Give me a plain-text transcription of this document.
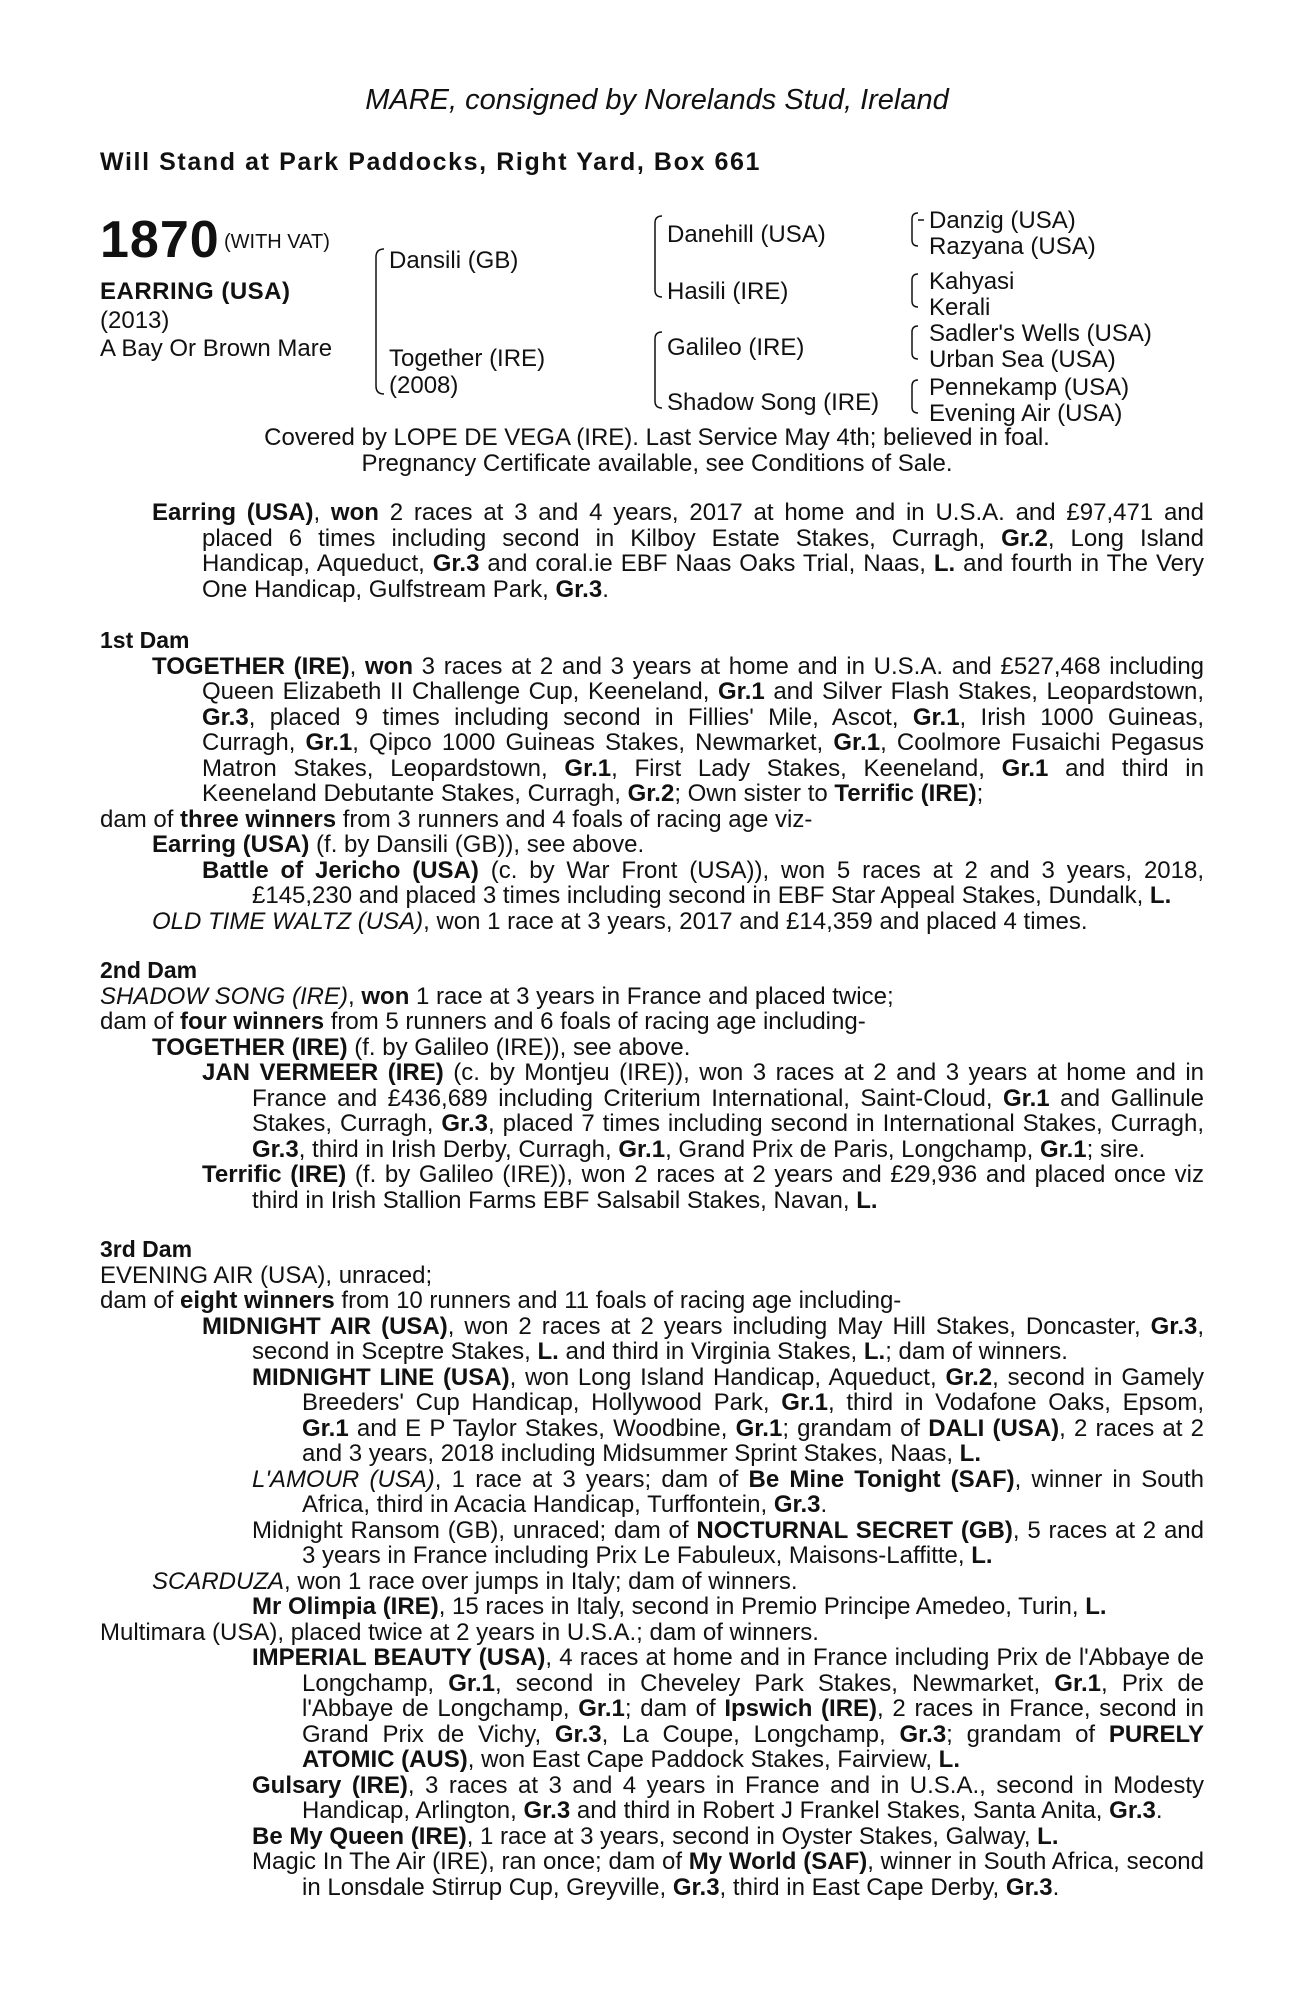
MARE, consigned by Norelands Stud, Ireland
Will Stand at Park Paddocks, Right Yard, Box 661
1870 (WITH VAT)
EARRING (USA)
(2013)
A Bay Or Brown Mare
Dansili (GB)
Together (IRE)
(2008)
Danehill (USA)
Hasili (IRE)
Galileo (IRE)
Shadow Song (IRE)
Danzig (USA)
Razyana (USA)
Kahyasi
Kerali
Sadler's Wells (USA)
Urban Sea (USA)
Pennekamp (USA)
Evening Air (USA)
Covered by LOPE DE VEGA (IRE). Last Service May 4th; believed in foal.
Pregnancy Certificate available, see Conditions of Sale.

Earring (USA), won 2 races at 3 and 4 years, 2017 at home and in U.S.A. and £97,471 and placed 6 times including second in Kilboy Estate Stakes, Curragh, Gr.2, Long Island Handicap, Aqueduct, Gr.3 and coral.ie EBF Naas Oaks Trial, Naas, L. and fourth in The Very One Handicap, Gulfstream Park, Gr.3.

1st Dam

TOGETHER (IRE), won 3 races at 2 and 3 years at home and in U.S.A. and £527,468 including Queen Elizabeth II Challenge Cup, Keeneland, Gr.1 and Silver Flash Stakes, Leopardstown, Gr.3, placed 9 times including second in Fillies' Mile, Ascot, Gr.1, Irish 1000 Guineas, Curragh, Gr.1, Qipco 1000 Guineas Stakes, Newmarket, Gr.1, Coolmore Fusaichi Pegasus Matron Stakes, Leopardstown, Gr.1, First Lady Stakes, Keeneland, Gr.1 and third in Keeneland Debutante Stakes, Curragh, Gr.2; Own sister to Terrific (IRE);

dam of three winners from 3 runners and 4 foals of racing age viz-

Earring (USA) (f. by Dansili (GB)), see above.

Battle of Jericho (USA) (c. by War Front (USA)), won 5 races at 2 and 3 years, 2018, £145,230 and placed 3 times including second in EBF Star Appeal Stakes, Dundalk, L.

OLD TIME WALTZ (USA), won 1 race at 3 years, 2017 and £14,359 and placed 4 times.

2nd Dam

SHADOW SONG (IRE), won 1 race at 3 years in France and placed twice;

dam of four winners from 5 runners and 6 foals of racing age including-

TOGETHER (IRE) (f. by Galileo (IRE)), see above.

JAN VERMEER (IRE) (c. by Montjeu (IRE)), won 3 races at 2 and 3 years at home and in France and £436,689 including Criterium International, Saint-Cloud, Gr.1 and Gallinule Stakes, Curragh, Gr.3, placed 7 times including second in International Stakes, Curragh, Gr.3, third in Irish Derby, Curragh, Gr.1, Grand Prix de Paris, Longchamp, Gr.1; sire.

Terrific (IRE) (f. by Galileo (IRE)), won 2 races at 2 years and £29,936 and placed once viz third in Irish Stallion Farms EBF Salsabil Stakes, Navan, L.

3rd Dam

EVENING AIR (USA), unraced;

dam of eight winners from 10 runners and 11 foals of racing age including-

MIDNIGHT AIR (USA), won 2 races at 2 years including May Hill Stakes, Doncaster, Gr.3, second in Sceptre Stakes, L. and third in Virginia Stakes, L.; dam of winners.

MIDNIGHT LINE (USA), won Long Island Handicap, Aqueduct, Gr.2, second in Gamely Breeders' Cup Handicap, Hollywood Park, Gr.1, third in Vodafone Oaks, Epsom, Gr.1 and E P Taylor Stakes, Woodbine, Gr.1; grandam of DALI (USA), 2 races at 2 and 3 years, 2018 including Midsummer Sprint Stakes, Naas, L.

L'AMOUR (USA), 1 race at 3 years; dam of Be Mine Tonight (SAF), winner in South Africa, third in Acacia Handicap, Turffontein, Gr.3.

Midnight Ransom (GB), unraced; dam of NOCTURNAL SECRET (GB), 5 races at 2 and 3 years in France including Prix Le Fabuleux, Maisons-Laffitte, L.

SCARDUZA, won 1 race over jumps in Italy; dam of winners.

Mr Olimpia (IRE), 15 races in Italy, second in Premio Principe Amedeo, Turin, L.

Multimara (USA), placed twice at 2 years in U.S.A.; dam of winners.

IMPERIAL BEAUTY (USA), 4 races at home and in France including Prix de l'Abbaye de Longchamp, Gr.1, second in Cheveley Park Stakes, Newmarket, Gr.1, Prix de l'Abbaye de Longchamp, Gr.1; dam of Ipswich (IRE), 2 races in France, second in Grand Prix de Vichy, Gr.3, La Coupe, Longchamp, Gr.3; grandam of PURELY ATOMIC (AUS), won East Cape Paddock Stakes, Fairview, L.

Gulsary (IRE), 3 races at 3 and 4 years in France and in U.S.A., second in Modesty Handicap, Arlington, Gr.3 and third in Robert J Frankel Stakes, Santa Anita, Gr.3.

Be My Queen (IRE), 1 race at 3 years, second in Oyster Stakes, Galway, L.

Magic In The Air (IRE), ran once; dam of My World (SAF), winner in South Africa, second in Lonsdale Stirrup Cup, Greyville, Gr.3, third in East Cape Derby, Gr.3.
